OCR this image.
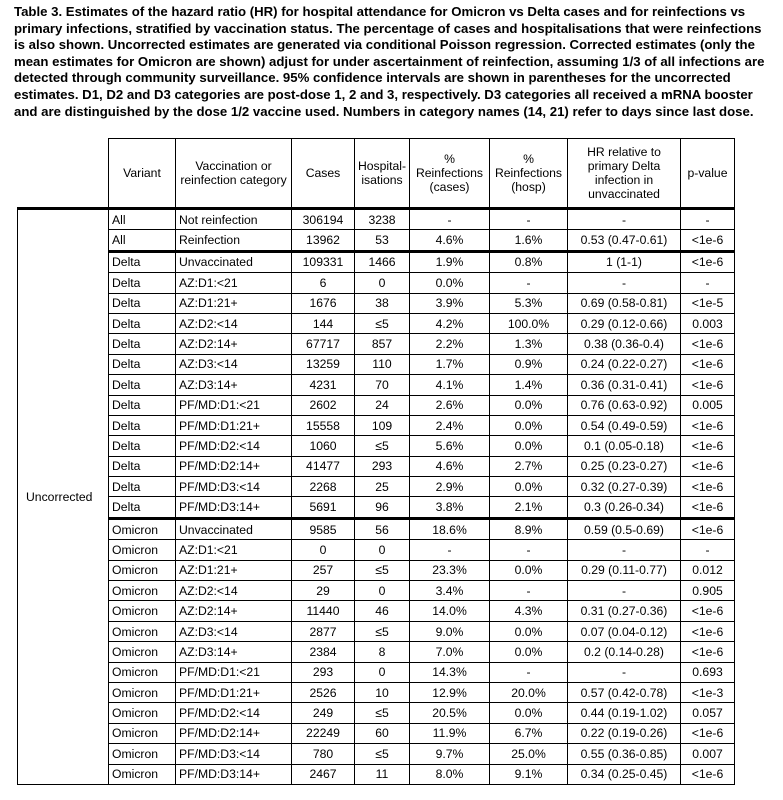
Table 3. Estimates of the hazard ratio (HR) for hospital attendance for Omicron vs Delta cases and for reinfections vs primary infections, stratified by vaccination status. The percentage of cases and hospitalisations that were reinfections is also shown. Uncorrected estimates are generated via conditional Poisson regression. Corrected estimates (only the mean estimates for Omicron are shown) adjust for under ascertainment of reinfection, assuming 1/3 of all infections are detected through community surveillance. 95% confidence intervals are shown in parentheses for the uncorrected estimates. D1, D2 and D3 categories are post-dose 1, 2 and 3, respectively. D3 categories all received a mRNA booster and are distinguished by the dose 1/2 vaccine used. Numbers in category names (14, 21) refer to days since last dose.

	Variant	Vaccination or reinfection category	Cases	Hospital-isations	% Reinfections (cases)	% Reinfections (hosp)	HR relative to primary Delta infection in unvaccinated	p-value
Uncorrected	All	Not reinfection	306194	3238	-	-	-	-
	All	Reinfection	13962	53	4.6%	1.6%	0.53 (0.47-0.61)	<1e-6
	Delta	Unvaccinated	109331	1466	1.9%	0.8%	1 (1-1)	<1e-6
	Delta	AZ:D1:<21	6	0	0.0%	-	-	-
	Delta	AZ:D1:21+	1676	38	3.9%	5.3%	0.69 (0.58-0.81)	<1e-5
	Delta	AZ:D2:<14	144	≤5	4.2%	100.0%	0.29 (0.12-0.66)	0.003
	Delta	AZ:D2:14+	67717	857	2.2%	1.3%	0.38 (0.36-0.4)	<1e-6
	Delta	AZ:D3:<14	13259	110	1.7%	0.9%	0.24 (0.22-0.27)	<1e-6
	Delta	AZ:D3:14+	4231	70	4.1%	1.4%	0.36 (0.31-0.41)	<1e-6
	Delta	PF/MD:D1:<21	2602	24	2.6%	0.0%	0.76 (0.63-0.92)	0.005
	Delta	PF/MD:D1:21+	15558	109	2.4%	0.0%	0.54 (0.49-0.59)	<1e-6
	Delta	PF/MD:D2:<14	1060	≤5	5.6%	0.0%	0.1 (0.05-0.18)	<1e-6
	Delta	PF/MD:D2:14+	41477	293	4.6%	2.7%	0.25 (0.23-0.27)	<1e-6
	Delta	PF/MD:D3:<14	2268	25	2.9%	0.0%	0.32 (0.27-0.39)	<1e-6
	Delta	PF/MD:D3:14+	5691	96	3.8%	2.1%	0.3 (0.26-0.34)	<1e-6
	Omicron	Unvaccinated	9585	56	18.6%	8.9%	0.59 (0.5-0.69)	<1e-6
	Omicron	AZ:D1:<21	0	0	-	-	-	-
	Omicron	AZ:D1:21+	257	≤5	23.3%	0.0%	0.29 (0.11-0.77)	0.012
	Omicron	AZ:D2:<14	29	0	3.4%	-	-	0.905
	Omicron	AZ:D2:14+	11440	46	14.0%	4.3%	0.31 (0.27-0.36)	<1e-6
	Omicron	AZ:D3:<14	2877	≤5	9.0%	0.0%	0.07 (0.04-0.12)	<1e-6
	Omicron	AZ:D3:14+	2384	8	7.0%	0.0%	0.2 (0.14-0.28)	<1e-6
	Omicron	PF/MD:D1:<21	293	0	14.3%	-	-	0.693
	Omicron	PF/MD:D1:21+	2526	10	12.9%	20.0%	0.57 (0.42-0.78)	<1e-3
	Omicron	PF/MD:D2:<14	249	≤5	20.5%	0.0%	0.44 (0.19-1.02)	0.057
	Omicron	PF/MD:D2:14+	22249	60	11.9%	6.7%	0.22 (0.19-0.26)	<1e-6
	Omicron	PF/MD:D3:<14	780	≤5	9.7%	25.0%	0.55 (0.36-0.85)	0.007
	Omicron	PF/MD:D3:14+	2467	11	8.0%	9.1%	0.34 (0.25-0.45)	<1e-6
